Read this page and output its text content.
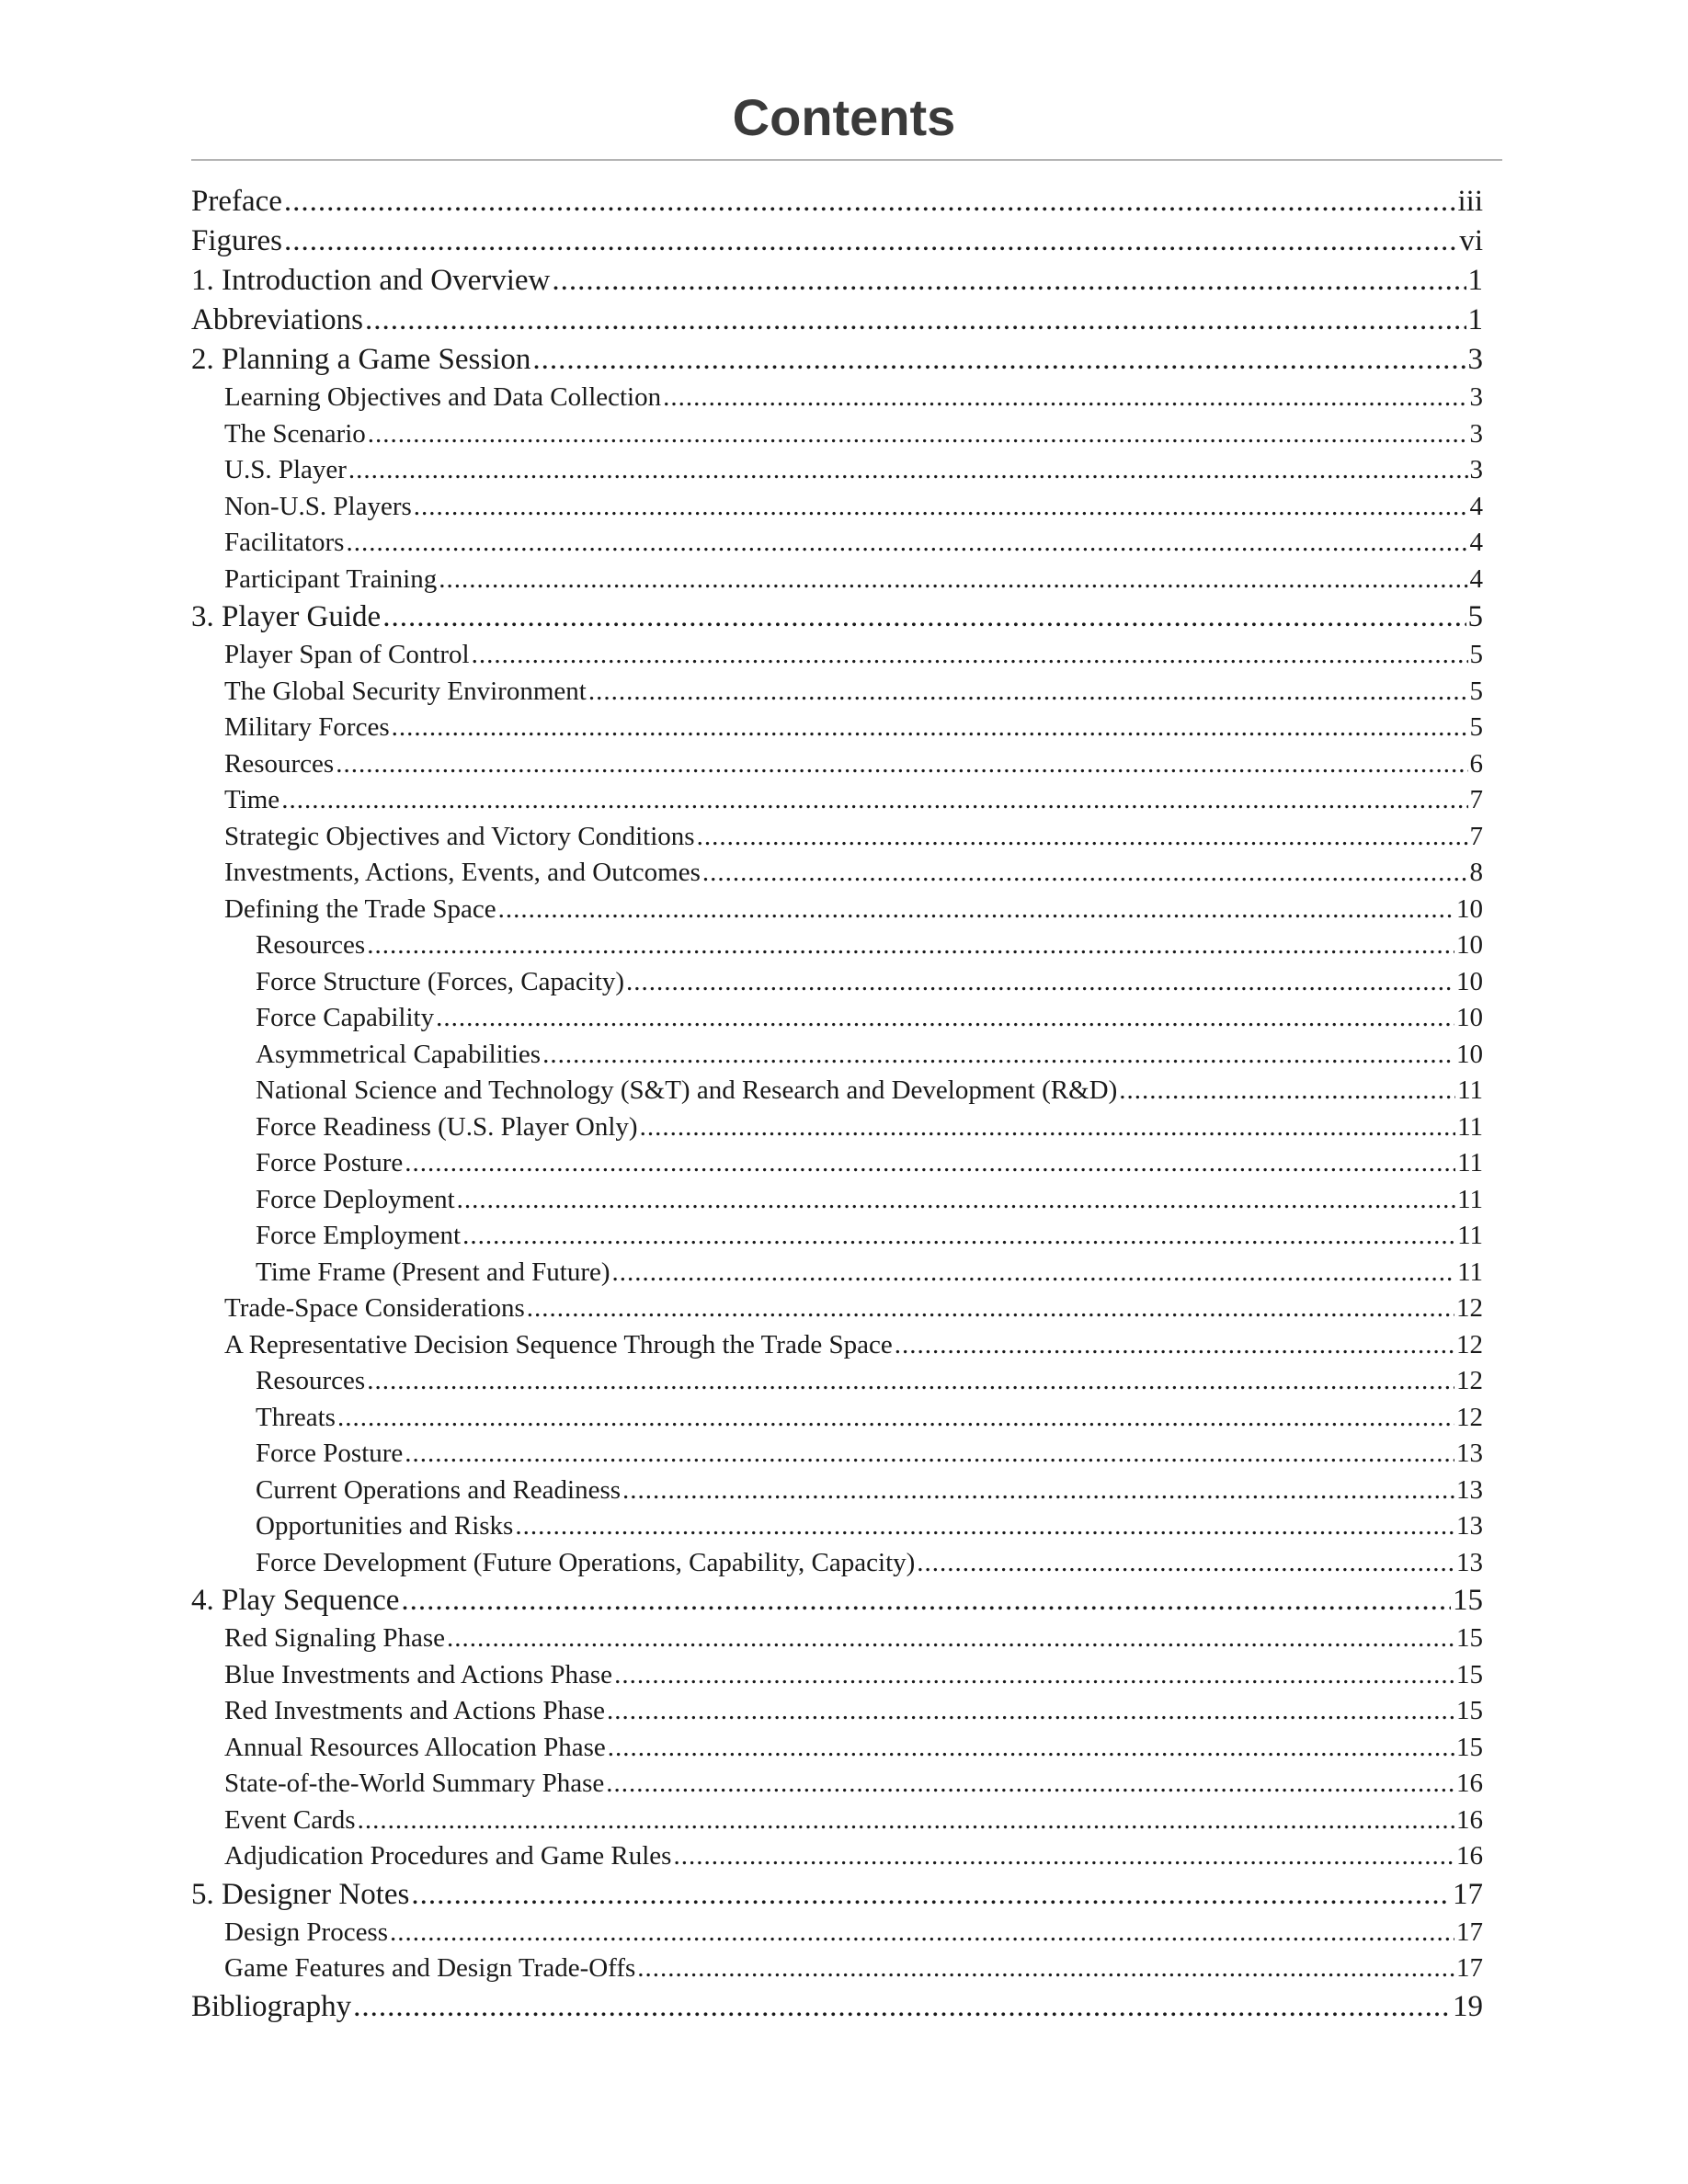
Contents
Preface .....	iii
Figures .....	vi
1. Introduction and Overview .....	1
Abbreviations .....	1
2. Planning a Game Session .....	3
Learning Objectives and Data Collection .....	3
The Scenario .....	3
U.S. Player .....	3
Non-U.S. Players .....	4
Facilitators .....	4
Participant Training .....	4
3. Player Guide .....	5
Player Span of Control .....	5
The Global Security Environment .....	5
Military Forces .....	5
Resources .....	6
Time .....	7
Strategic Objectives and Victory Conditions .....	7
Investments, Actions, Events, and Outcomes .....	8
Defining the Trade Space .....	10
Resources .....	10
Force Structure (Forces, Capacity) .....	10
Force Capability .....	10
Asymmetrical Capabilities .....	10
National Science and Technology (S&T) and Research and Development (R&D) .....	11
Force Readiness (U.S. Player Only) .....	11
Force Posture .....	11
Force Deployment .....	11
Force Employment .....	11
Time Frame (Present and Future) .....	11
Trade-Space Considerations .....	12
A Representative Decision Sequence Through the Trade Space .....	12
Resources .....	12
Threats .....	12
Force Posture .....	13
Current Operations and Readiness .....	13
Opportunities and Risks .....	13
Force Development (Future Operations, Capability, Capacity) .....	13
4. Play Sequence .....	15
Red Signaling Phase .....	15
Blue Investments and Actions Phase .....	15
Red Investments and Actions Phase .....	15
Annual Resources Allocation Phase .....	15
State-of-the-World Summary Phase .....	16
Event Cards .....	16
Adjudication Procedures and Game Rules .....	16
5. Designer Notes .....	17
Design Process .....	17
Game Features and Design Trade-Offs .....	17
Bibliography .....	19
